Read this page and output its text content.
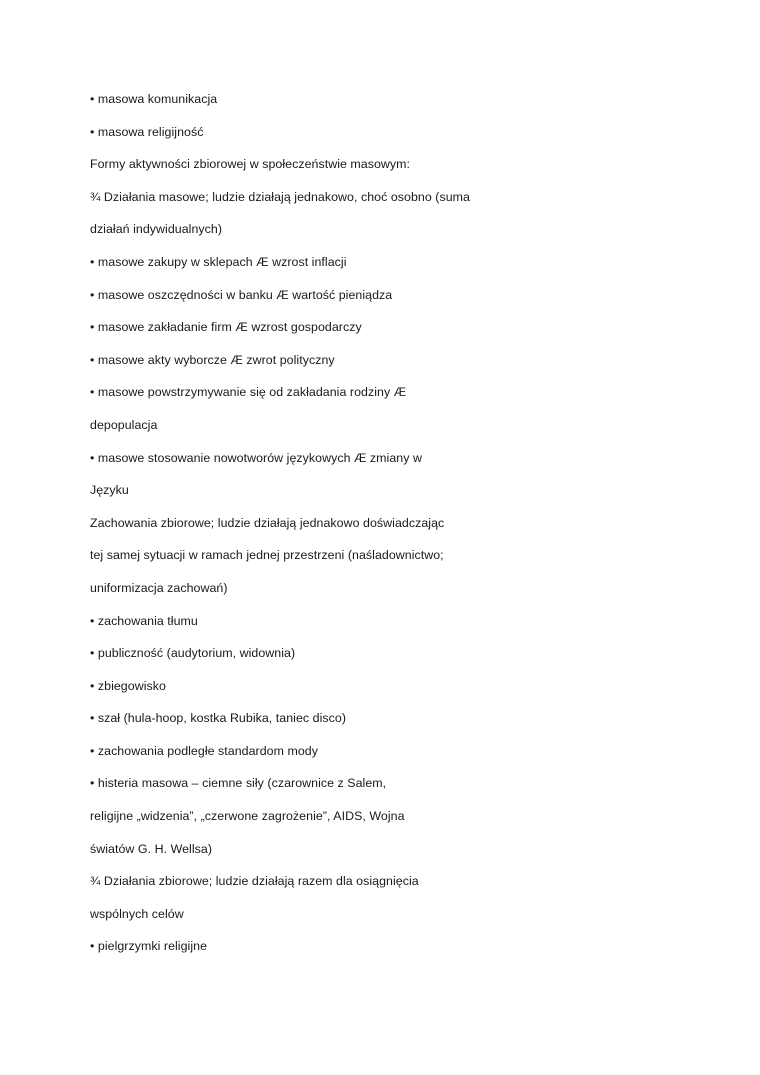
• masowa komunikacja
• masowa religijność
Formy aktywności zbiorowej w społeczeństwie masowym:
¾ Działania masowe; ludzie działają jednakowo, choć osobno (suma
działań indywidualnych)
• masowe zakupy w sklepach Æ wzrost inflacji
• masowe oszczędności w banku Æ wartość pieniądza
• masowe zakładanie firm Æ wzrost gospodarczy
• masowe akty wyborcze Æ zwrot polityczny
• masowe powstrzymywanie się od zakładania rodziny Æ
depopulacja
• masowe stosowanie nowotworów językowych Æ zmiany w
Języku
Zachowania zbiorowe; ludzie działają jednakowo doświadczając
tej samej sytuacji w ramach jednej przestrzeni (naśladownictwo;
uniformizacja zachowań)
• zachowania tłumu
• publiczność (audytorium, widownia)
• zbiegowisko
• szał (hula-hoop, kostka Rubika, taniec disco)
• zachowania podległe standardom mody
• histeria masowa – ciemne siły (czarownice z Salem,
religijne „widzenia”, „czerwone zagrożenie”, AIDS, Wojna
światów G. H. Wellsa)
¾ Działania zbiorowe; ludzie działają razem dla osiągnięcia
wspólnych celów
• pielgrzymki religijne
